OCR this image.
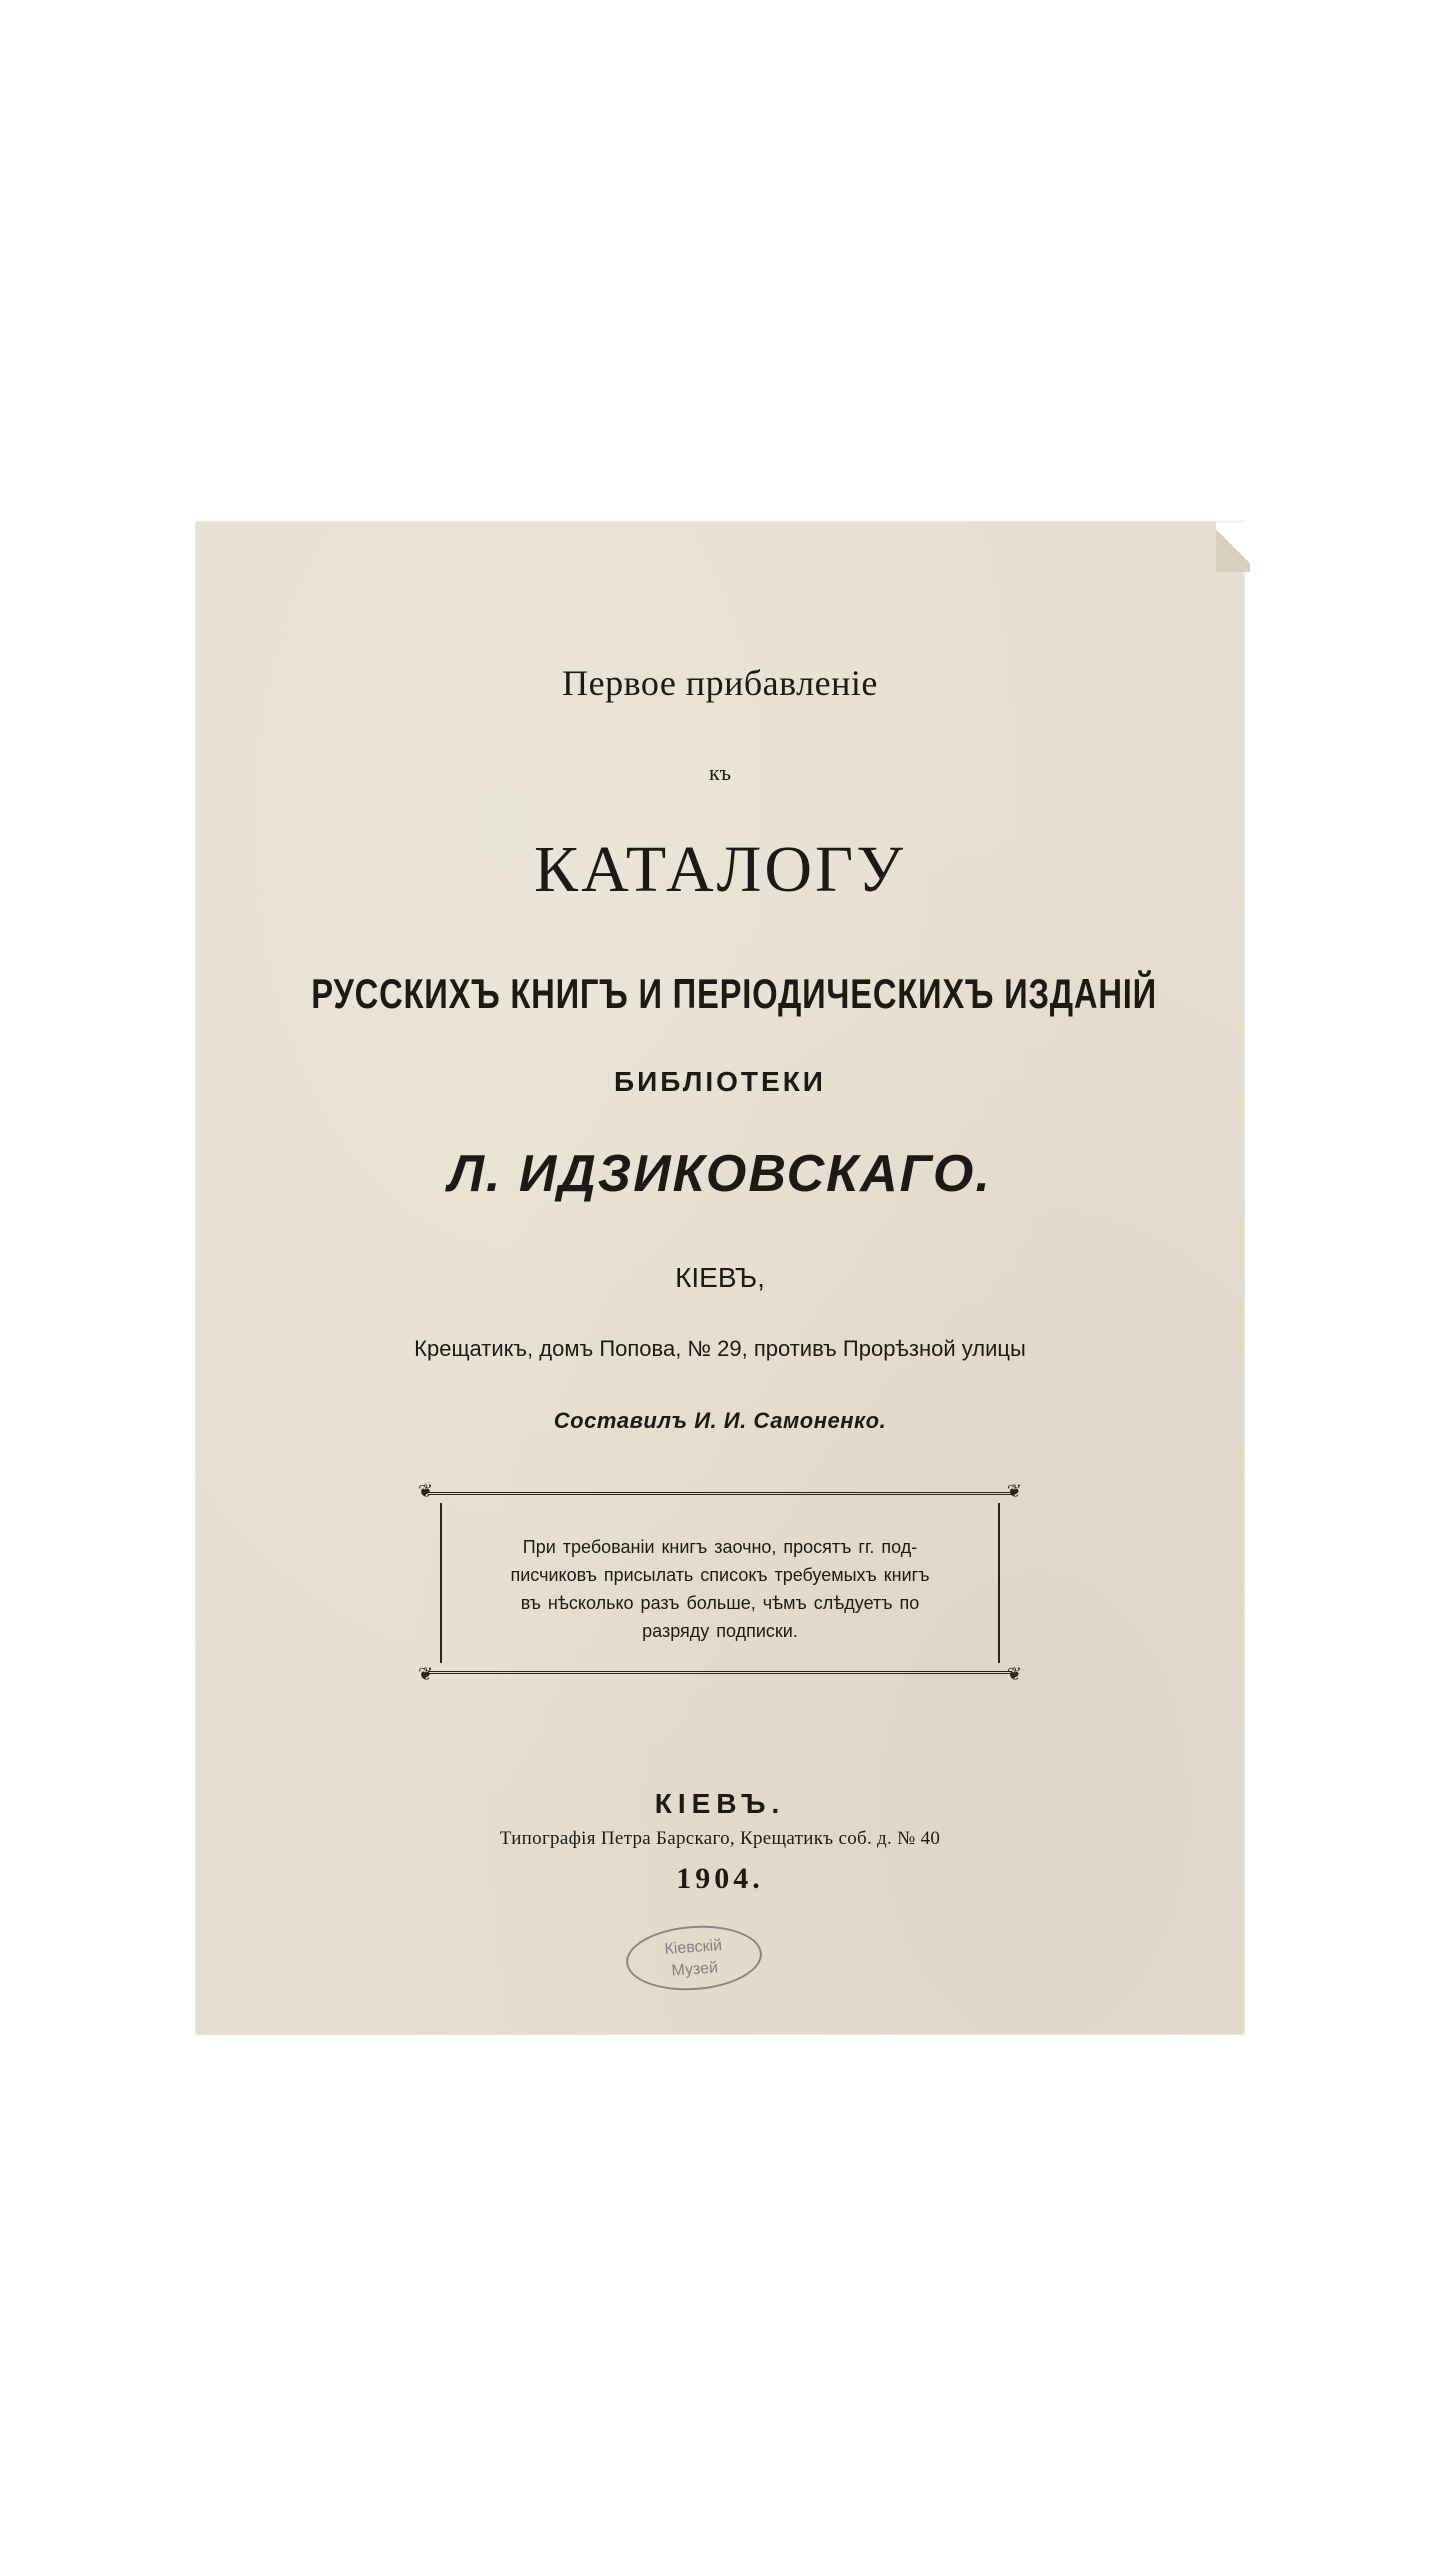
Первое прибавленіе
къ
КАТАЛОГУ
РУССКИХЪ КНИГЪ И ПЕРІОДИЧЕСКИХЪ ИЗДАНІЙ
БИБЛІОТЕКИ
Л. ИДЗИКОВСКАГО.
КІЕВЪ,
Крещатикъ, домъ Попова, № 29, противъ Прорѣзной улицы
Составилъ И. И. Самоненко.
❦	❦
❦	❦
При требованіи книгъ заочно, просятъ гг. под-
писчиковъ присылать списокъ требуемыхъ книгъ
въ нѣсколько разъ больше, чѣмъ слѣдуетъ по
разряду подписки.
КІЕВЪ.
Типографія Петра Барскаго, Крещатикъ соб. д. № 40
1904.
Кіевскій
Музей
